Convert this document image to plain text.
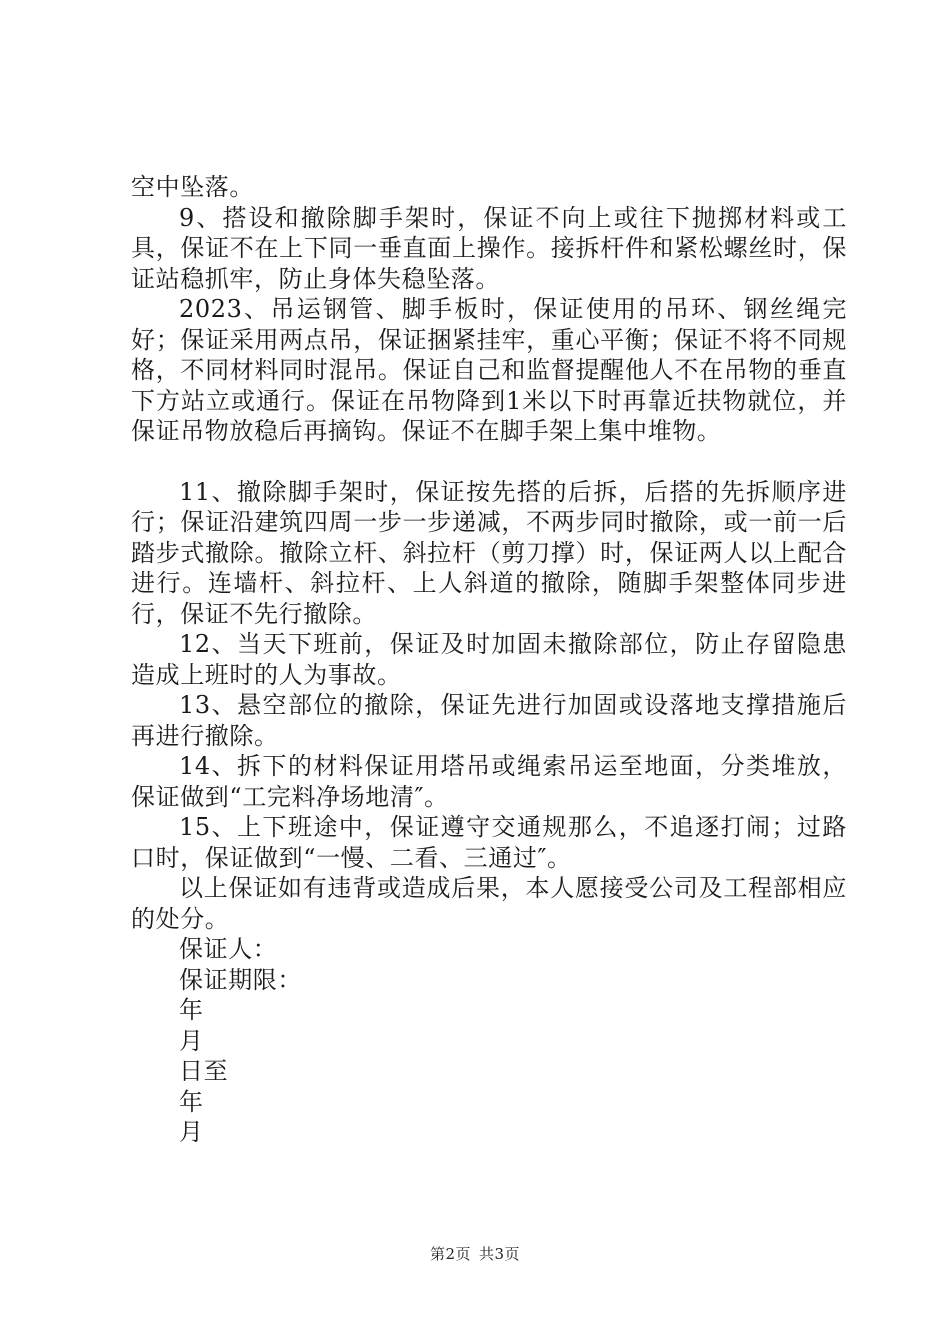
空中坠落。

9、搭设和撤除脚手架时，保证不向上或往下抛掷材料或工具，保证不在上下同一垂直面上操作。接拆杆件和紧松螺丝时，保证站稳抓牢，防止身体失稳坠落。

2023、吊运钢管、脚手板时，保证使用的吊环、钢丝绳完好；保证采用两点吊，保证捆紧挂牢，重心平衡；保证不将不同规格，不同材料同时混吊。保证自己和监督提醒他人不在吊物的垂直下方站立或通行。保证在吊物降到1米以下时再靠近扶物就位，并保证吊物放稳后再摘钩。保证不在脚手架上集中堆物。

11、撤除脚手架时，保证按先搭的后拆，后搭的先拆顺序进行；保证沿建筑四周一步一步递减，不两步同时撤除，或一前一后踏步式撤除。撤除立杆、斜拉杆（剪刀撑）时，保证两人以上配合进行。连墙杆、斜拉杆、上人斜道的撤除，随脚手架整体同步进行，保证不先行撤除。

12、当天下班前，保证及时加固未撤除部位，防止存留隐患造成上班时的人为事故。

13、悬空部位的撤除，保证先进行加固或设落地支撑措施后再进行撤除。

14、拆下的材料保证用塔吊或绳索吊运至地面，分类堆放，保证做到“工完料净场地清″。

15、上下班途中，保证遵守交通规那么，不追逐打闹；过路口时，保证做到“一慢、二看、三通过″。

以上保证如有违背或造成后果，本人愿接受公司及工程部相应的处分。

保证人：

保证期限：

年

月

日至

年

月

第2页 共3页
